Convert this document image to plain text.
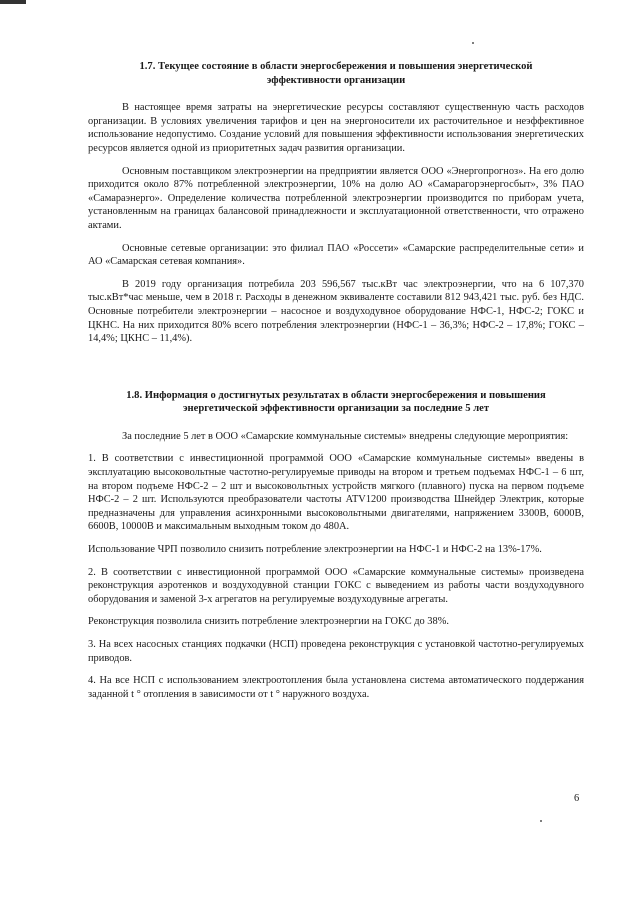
1.7. Текущее состояние в области энергосбережения и повышения энергетической
эффективности организации

В настоящее время затраты на энергетические ресурсы составляют существенную часть расходов организации. В условиях увеличения тарифов и цен на энергоносители их расточительное и неэффективное использование недопустимо. Создание условий для повышения эффективности использования энергетических ресурсов является одной из приоритетных задач развития организации.

Основным поставщиком электроэнергии на предприятии является ООО «Энергопрогноз». На его долю приходится около 87% потребленной электроэнергии, 10% на долю АО «Самарагорэнергосбыт», 3% ПАО «Самараэнерго». Определение количества потребленной электроэнергии производится по приборам учета, установленным на границах балансовой принадлежности и эксплуатационной ответственности, что отражено актами.

Основные сетевые организации: это филиал ПАО «Россети» «Самарские распределительные сети» и АО «Самарская сетевая компания».

В 2019 году организация потребила 203 596,567 тыс.кВт час электроэнергии, что на 6 107,370 тыс.кВт*час меньше, чем в 2018 г. Расходы в денежном эквиваленте составили 812 943,421 тыс. руб. без НДС. Основные потребители электроэнергии – насосное и воздуходувное оборудование НФС-1, НФС-2; ГОКС и ЦКНС. На них приходится 80% всего потребления электроэнергии (НФС-1 – 36,3%; НФС-2 – 17,8%; ГОКС – 14,4%; ЦКНС – 11,4%).

1.8. Информация о достигнутых результатах в области энергосбережения и повышения
энергетической эффективности организации за последние 5 лет

За последние 5 лет в ООО «Самарские коммунальные системы» внедрены следующие мероприятия:

1. В соответствии с инвестиционной программой ООО «Самарские коммунальные системы» введены в эксплуатацию высоковольтные частотно-регулируемые приводы на втором и третьем подъемах НФС-1 – 6 шт, на втором подъеме НФС-2 – 2 шт и высоковольтных устройств мягкого (плавного) пуска на первом подъеме НФС-2 – 2 шт. Используются преобразователи частоты ATV1200 производства Шнейдер Электрик, которые предназначены для управления асинхронными высоковольтными двигателями, напряжением 3300В, 6000В, 6600В, 10000В и максимальным выходным током до 480А.

Использование ЧРП позволило снизить потребление электроэнергии на НФС-1 и НФС-2 на 13%-17%.

2. В соответствии с инвестиционной программой ООО «Самарские коммунальные системы» произведена реконструкция аэротенков и воздуходувной станции ГОКС с выведением из работы части воздуходувного оборудования и заменой 3-х агрегатов на регулируемые воздуходувные агрегаты.

Реконструкция позволила снизить потребление электроэнергии на ГОКС до 38%.

3. На всех насосных станциях подкачки (НСП) проведена реконструкция с установкой частотно-регулируемых приводов.

4. На все НСП с использованием электроотопления была установлена система автоматического поддержания заданной t ° отопления в зависимости от t ° наружного воздуха.

6
